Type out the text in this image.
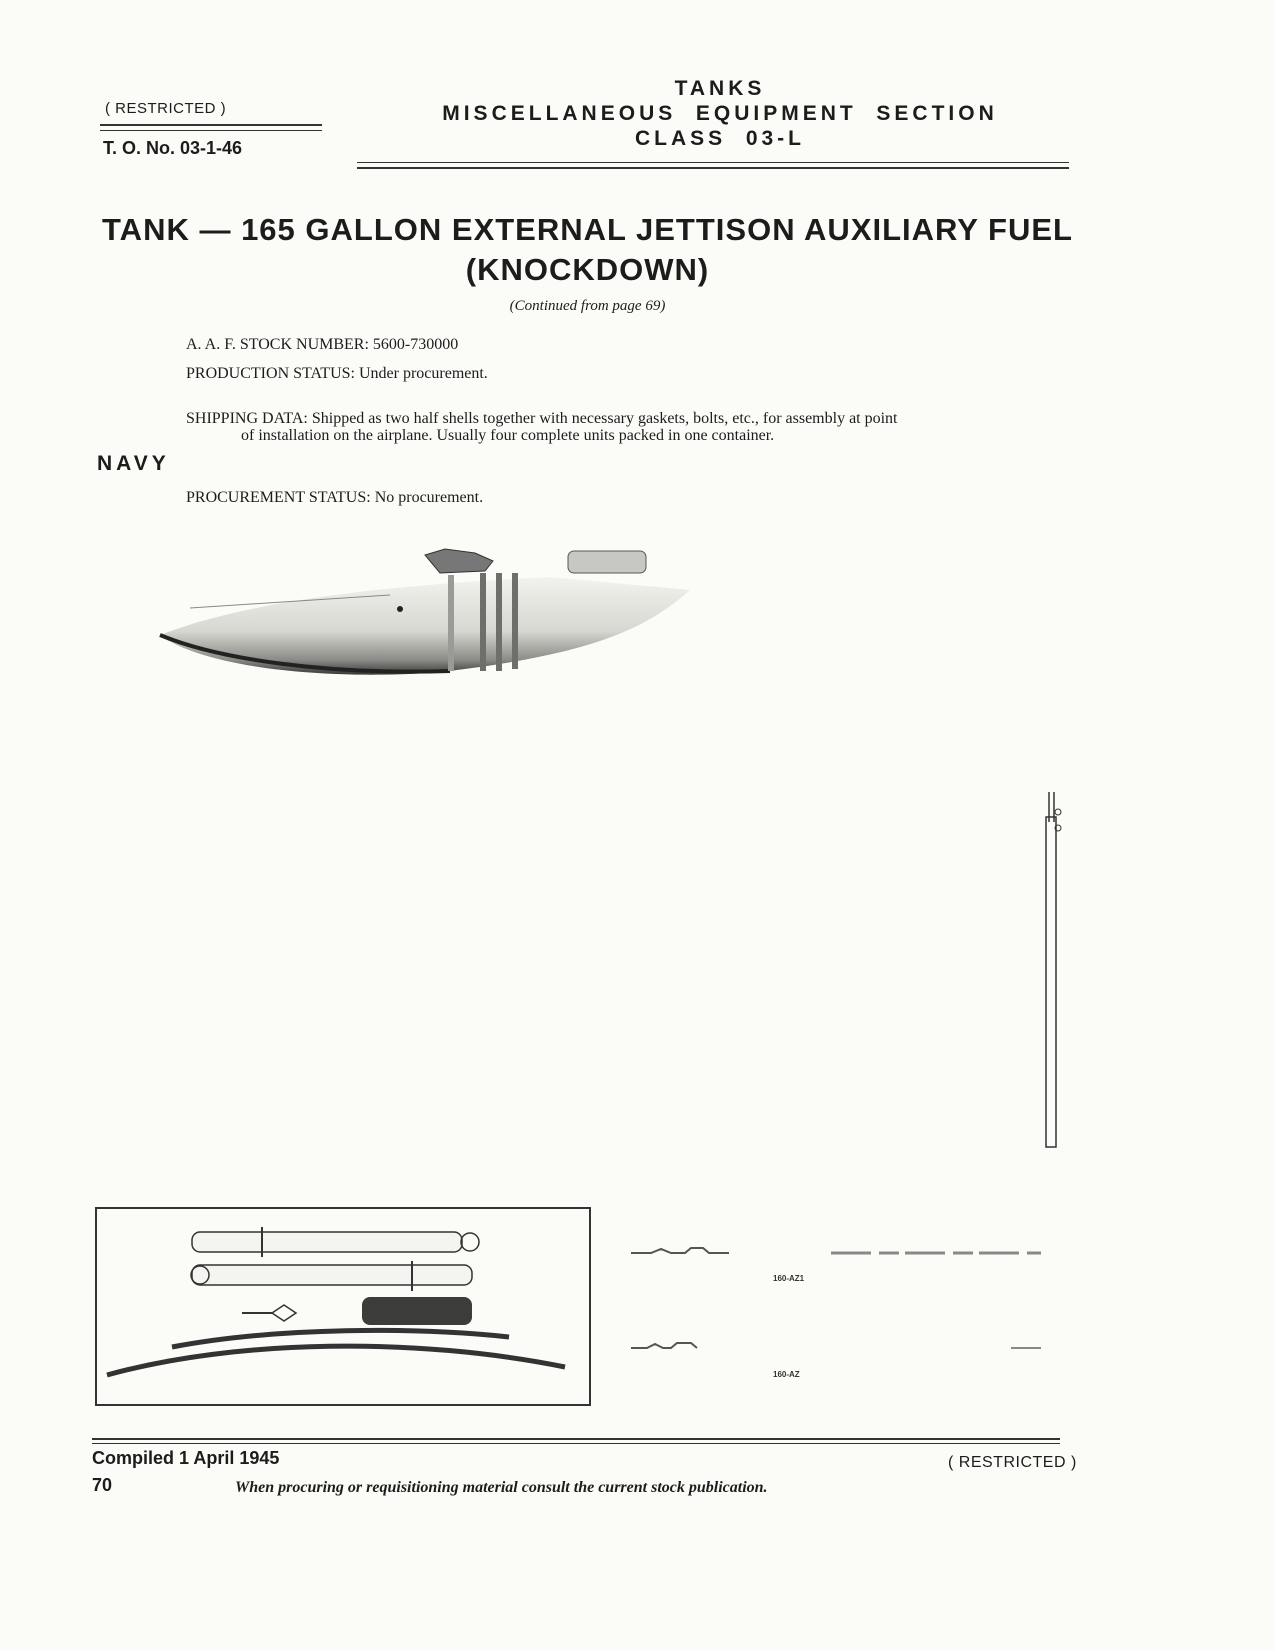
( RESTRICTED )
T. O. No. 03-1-46
TANKS
MISCELLANEOUS  EQUIPMENT  SECTION
CLASS  03-L
TANK — 165 GALLON EXTERNAL JETTISON AUXILIARY FUEL
(KNOCKDOWN)
(Continued from page 69)
A. A. F. STOCK NUMBER: 5600-730000
PRODUCTION STATUS: Under procurement.
SHIPPING DATA: Shipped as two half shells together with necessary gaskets, bolts, etc., for assembly at point
of installation on the airplane. Usually four complete units packed in one container.
NAVY
PROCUREMENT STATUS: No procurement.
160-AZ1
160-AZ
Compiled 1 April 1945	( RESTRICTED )
70	When procuring or requisitioning material consult the current stock publication.
